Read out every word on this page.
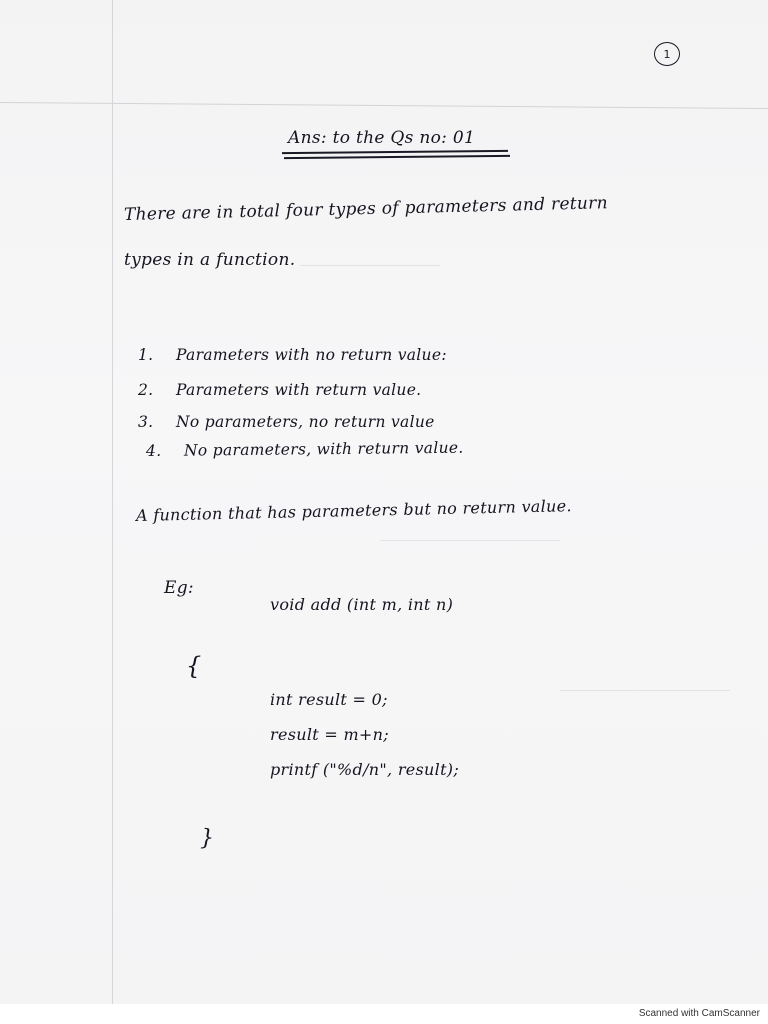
1
Ans: to the Qs no: 01
There are in total four types of parameters and return
types in a function.
1. Parameters with no return value:
2. Parameters with return value.
3. No parameters, no return value
4. No parameters, with return value.
A function that has parameters but no return value.
Eg:
void add (int m, int n)
{
int result = 0;
result = m+n;
printf ("%d/n", result);
}
Scanned with CamScanner
